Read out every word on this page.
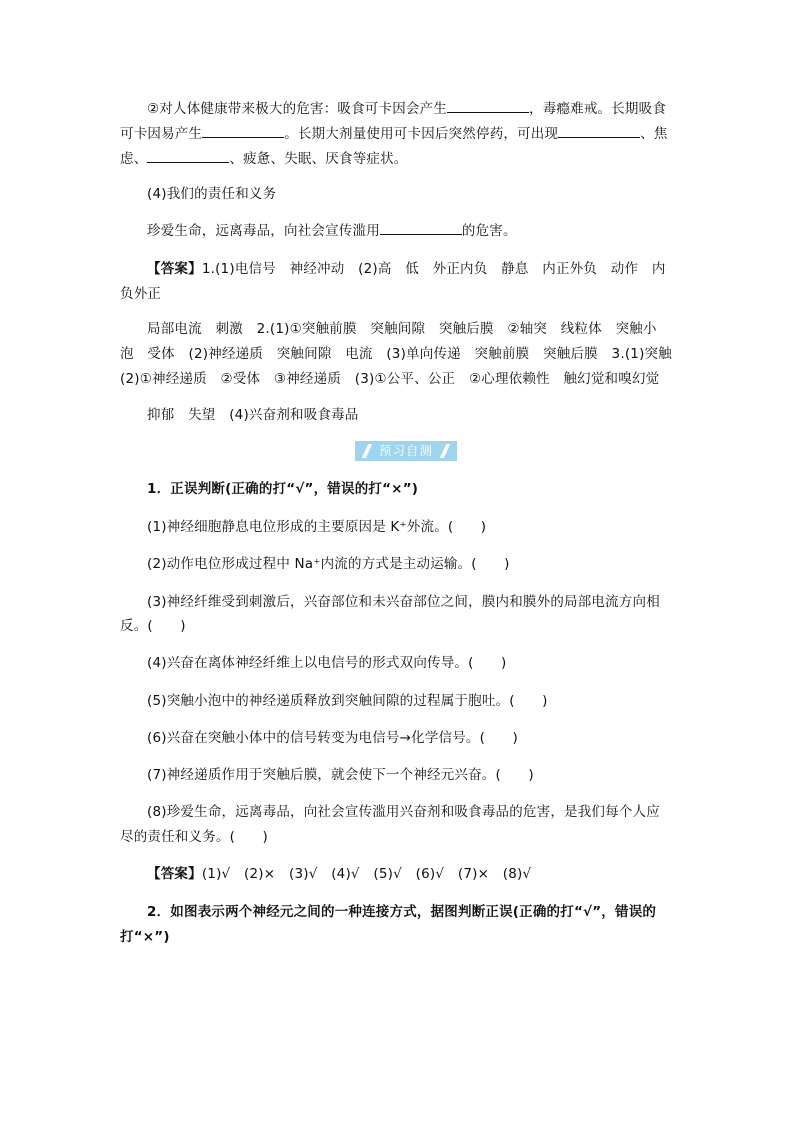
②对人体健康带来极大的危害：吸食可卡因会产生	，毒瘾难戒。长期吸食
可卡因易产生	。长期大剂量使用可卡因后突然停药，可出现	、焦
虑、	、疲惫、失眠、厌食等症状。
(4)我们的责任和义务
珍爱生命，远离毒品，向社会宣传滥用	的危害。
【答案】1.(1)电信号　神经冲动　(2)高　低　外正内负　静息　内正外负　动作　内
负外正
局部电流　刺激　2.(1)①突触前膜　突触间隙　突触后膜　②轴突　线粒体　突触小
泡　受体　(2)神经递质　突触间隙　电流　(3)单向传递　突触前膜　突触后膜　3.(1)突触
(2)①神经递质　②受体　③神经递质　(3)①公平、公正　②心理依赖性　触幻觉和嗅幻觉
抑郁　失望　(4)兴奋剂和吸食毒品
预习自测
1．正误判断(正确的打“√”，错误的打“×”)
(1)神经细胞静息电位形成的主要原因是 K⁺外流。(　　)
(2)动作电位形成过程中 Na⁺内流的方式是主动运输。(　　)
(3)神经纤维受到刺激后，兴奋部位和未兴奋部位之间，膜内和膜外的局部电流方向相
反。(　　)
(4)兴奋在离体神经纤维上以电信号的形式双向传导。(　　)
(5)突触小泡中的神经递质释放到突触间隙的过程属于胞吐。(　　)
(6)兴奋在突触小体中的信号转变为电信号→化学信号。(　　)
(7)神经递质作用于突触后膜，就会使下一个神经元兴奋。(　　)
(8)珍爱生命，远离毒品，向社会宣传滥用兴奋剂和吸食毒品的危害，是我们每个人应
尽的责任和义务。(　　)
【答案】(1)√　(2)×　(3)√　(4)√　(5)√　(6)√　(7)×　(8)√
2．如图表示两个神经元之间的一种连接方式，据图判断正误(正确的打“√”，错误的
打“×”)
